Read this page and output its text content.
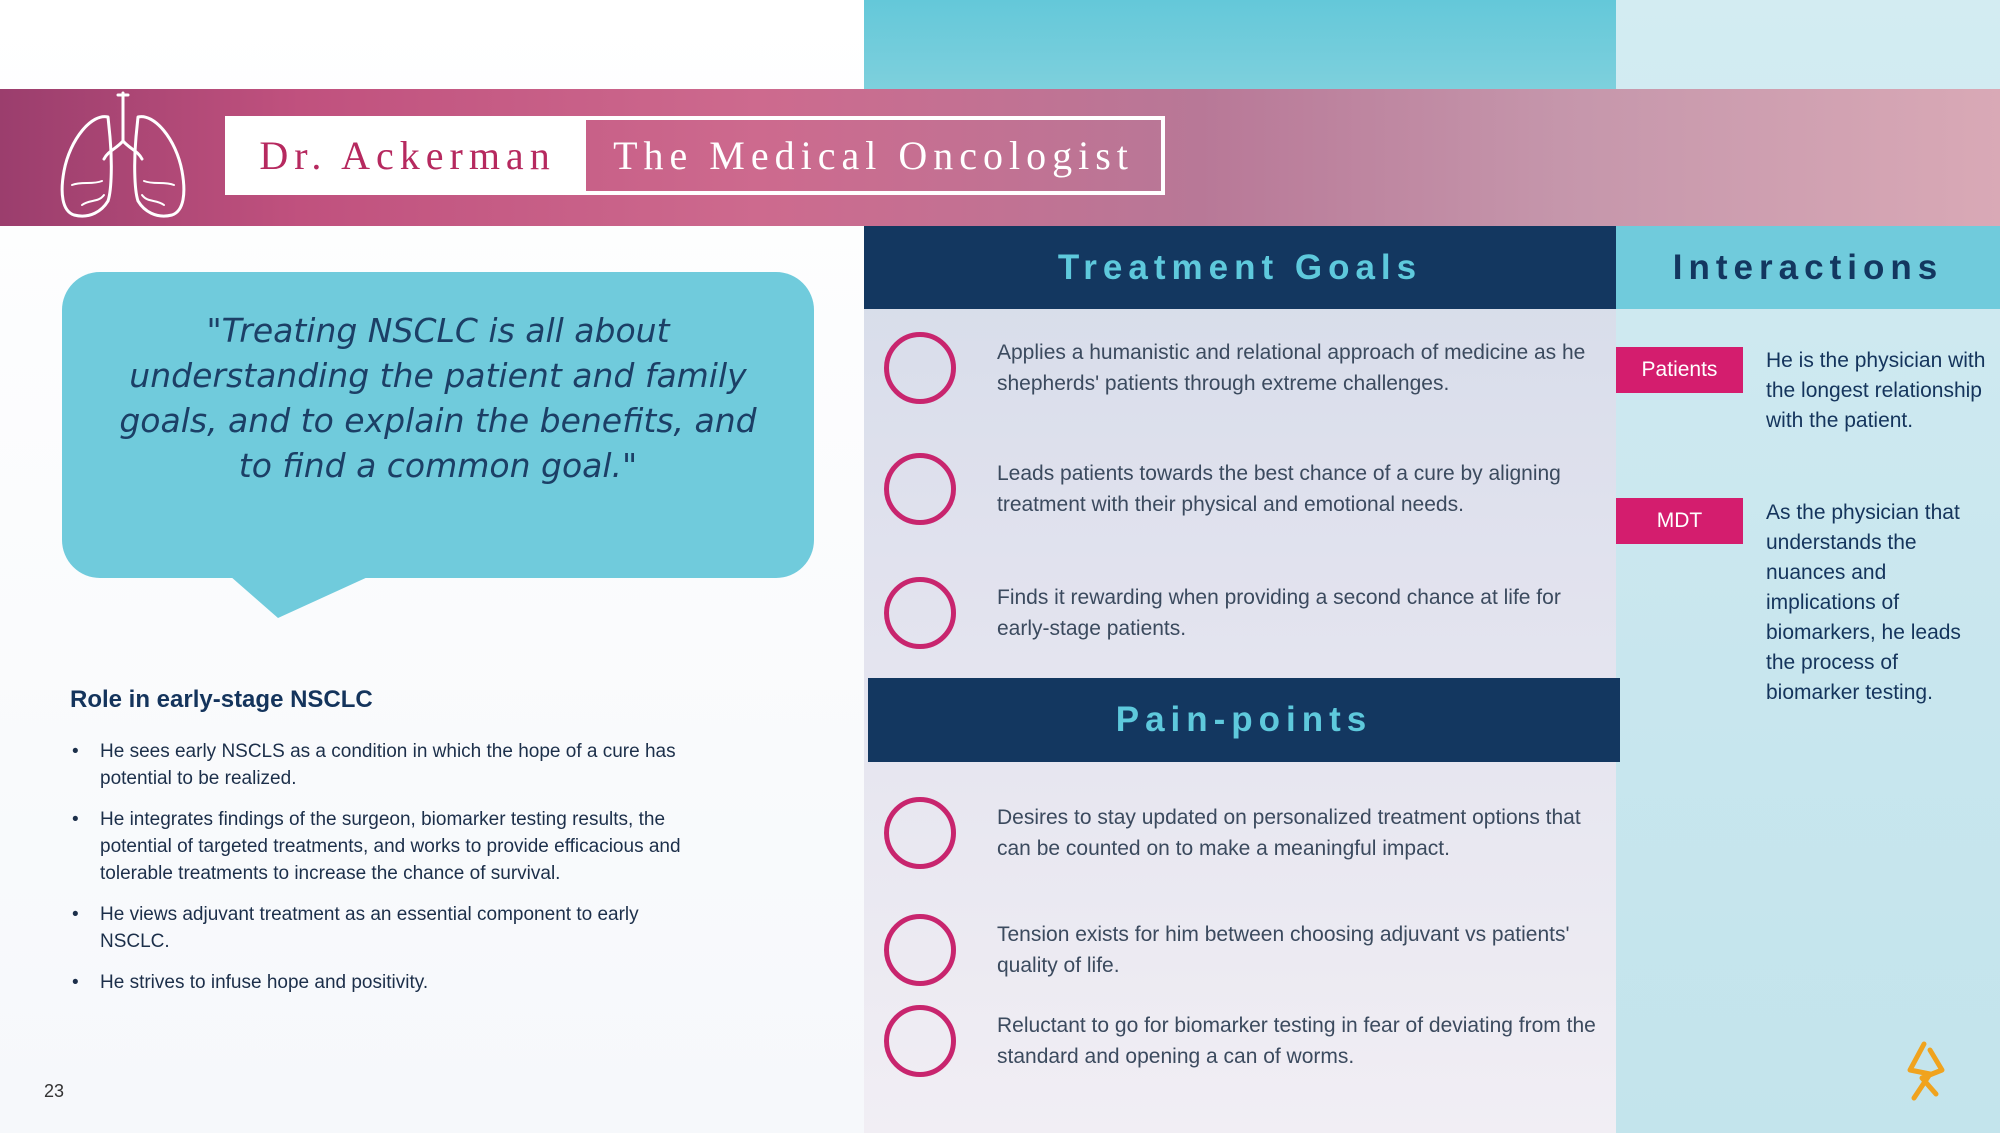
Dr. Ackerman	The Medical Oncologist

"Treating NSCLC is all about understanding the patient and family goals, and to explain the benefits, and to find a common goal."

Role in early-stage NSCLC
• He sees early NSCLS as a condition in which the hope of a cure has potential to be realized.
• He integrates findings of the surgeon, biomarker testing results, the potential of targeted treatments, and works to provide efficacious and tolerable treatments to increase the chance of survival.
• He views adjuvant treatment as an essential component to early NSCLC.
• He strives to infuse hope and positivity.
23
Treatment Goals
Applies a humanistic and relational approach of medicine as he shepherds' patients through extreme challenges.
Leads patients towards the best chance of a cure by aligning treatment with their physical and emotional needs.
Finds it rewarding when providing a second chance at life for early-stage patients.
Pain-points
Desires to stay updated on personalized treatment options that can be counted on to make a meaningful impact.
Tension exists for him between choosing adjuvant vs patients' quality of life.
Reluctant to go for biomarker testing in fear of deviating from the standard and opening a can of worms.
Interactions
Patients	He is the physician with the longest relationship with the patient.
MDT	As the physician that understands the nuances and implications of biomarkers, he leads the process of biomarker testing.
